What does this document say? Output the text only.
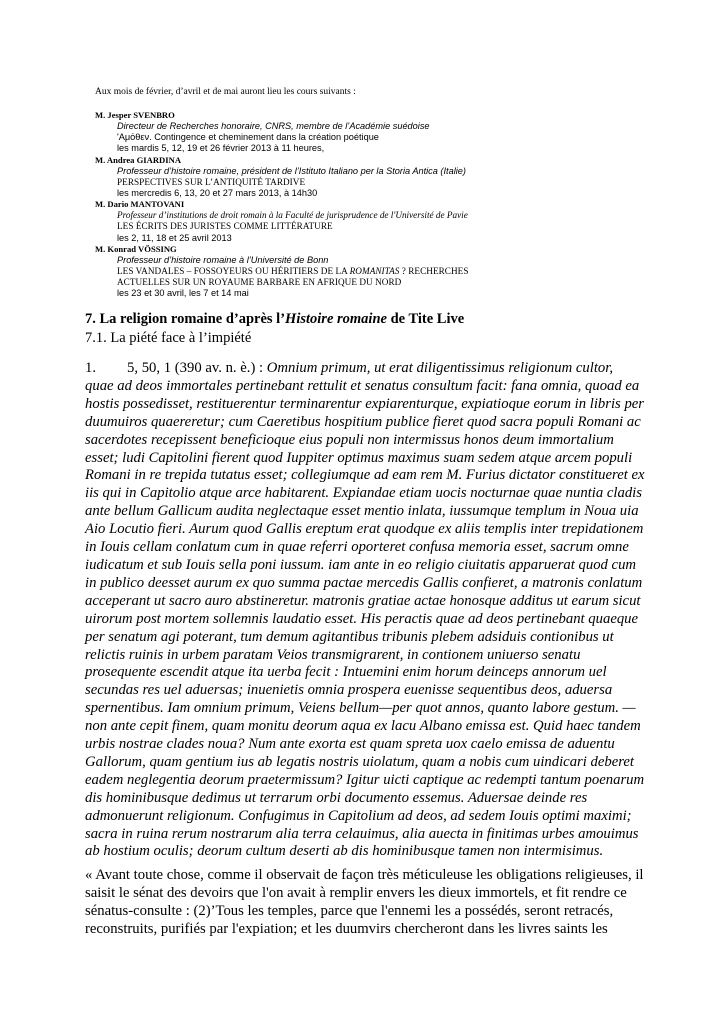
Aux mois de février, d’avril et de mai auront lieu les cours suivants :
M. Jesper SVENBRO
Directeur de Recherches honoraire, CNRS, membre de l’Académie suédoise
ʹΑμόθεν. Contingence et cheminement dans la création poétique
les mardis 5, 12, 19 et 26 février 2013 à 11 heures,
M. Andrea GIARDINA
Professeur d’histoire romaine, président de l’Istituto Italiano per la Storia Antica (Italie)
PERSPECTIVES SUR L’ANTIQUITÉ TARDIVE
les mercredis 6, 13, 20 et 27 mars 2013, à 14h30
M. Dario MANTOVANI
Professeur d’institutions de droit romain à la Faculté de jurisprudence de l'Université de Pavie
LES ÉCRITS DES JURISTES COMME LITTÉRATURE
les 2, 11, 18 et 25 avril 2013
M. Konrad VÖSSING
Professeur d’histoire romaine à l’Université de Bonn
LES VANDALES – FOSSOYEURS OU HÉRITIERS DE LA ROMANITAS ? RECHERCHES
ACTUELLES SUR UN ROYAUME BARBARE EN AFRIQUE DU NORD
les 23 et 30 avril, les 7 et 14 mai
7. La religion romaine d’après l’Histoire romaine de Tite Live
7.1. La piété face à l’impiété
1. 5, 50, 1 (390 av. n. è.) : Omnium primum, ut erat diligentissimus religionum cultor, quae ad deos immortales pertinebant rettulit et senatus consultum facit: fana omnia, quoad ea hostis possedisset, restituerentur terminarentur expiarenturque, expiatioque eorum in libris per duumuiros quaereretur; cum Caeretibus hospitium publice fieret quod sacra populi Romani ac sacerdotes recepissent beneficioque eius populi non intermissus honos deum immortalium esset; ludi Capitolini fierent quod Iuppiter optimus maximus suam sedem atque arcem populi Romani in re trepida tutatus esset; collegiumque ad eam rem M. Furius dictator constitueret ex iis qui in Capitolio atque arce habitarent. Expiandae etiam uocis nocturnae quae nuntia cladis ante bellum Gallicum audita neglectaque esset mentio inlata, iussumque templum in Noua uia Aio Locutio fieri. Aurum quod Gallis ereptum erat quodque ex aliis templis inter trepidationem in Iouis cellam conlatum cum in quae referri oporteret confusa memoria esset, sacrum omne iudicatum et sub Iouis sella poni iussum. iam ante in eo religio ciuitatis apparuerat quod cum in publico deesset aurum ex quo summa pactae mercedis Gallis confieret, a matronis conlatum acceperant ut sacro auro abstineretur. matronis gratiae actae honosque additus ut earum sicut uirorum post mortem sollemnis laudatio esset. His peractis quae ad deos pertinebant quaeque per senatum agi poterant, tum demum agitantibus tribunis plebem adsiduis contionibus ut relictis ruinis in urbem paratam Veios transmigrarent, in contionem uniuerso senatu prosequente escendit atque ita uerba fecit : Intuemini enim horum deinceps annorum uel secundas res uel aduersas; inuenietis omnia prospera euenisse sequentibus deos, aduersa spernentibus. Iam omnium primum, Veiens bellum—per quot annos, quanto labore gestum. — non ante cepit finem, quam monitu deorum aqua ex lacu Albano emissa est. Quid haec tandem urbis nostrae clades noua? Num ante exorta est quam spreta uox caelo emissa de aduentu Gallorum, quam gentium ius ab legatis nostris uiolatum, quam a nobis cum uindicari deberet eadem neglegentia deorum praetermissum? Igitur uicti captique ac redempti tantum poenarum dis hominibusque dedimus ut terrarum orbi documento essemus. Aduersae deinde res admonuerunt religionum. Confugimus in Capitolium ad deos, ad sedem Iouis optimi maximi; sacra in ruina rerum nostrarum alia terra celauimus, alia auecta in finitimas urbes amouimus ab hostium oculis; deorum cultum deserti ab dis hominibusque tamen non intermisimus.
« Avant toute chose, comme il observait de façon très méticuleuse les obligations religieuses, il saisit le sénat des devoirs que l'on avait à remplir envers les dieux immortels, et fit rendre ce sénatus-consulte : (2)’Tous les temples, parce que l'ennemi les a possédés, seront retracés, reconstruits, purifiés par l'expiation; et les duumvirs chercheront dans les livres saints les
